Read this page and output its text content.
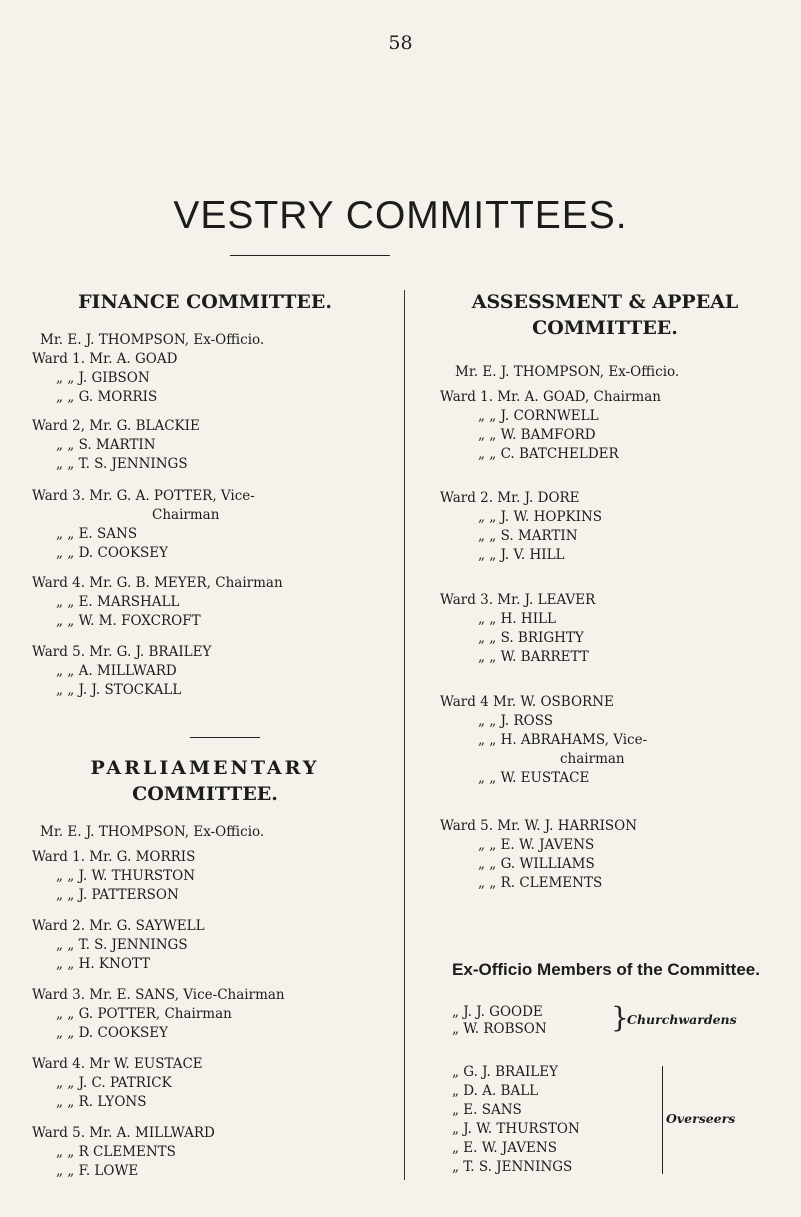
58
VESTRY COMMITTEES.
FINANCE COMMITTEE.
Mr. E. J. THOMPSON, Ex-Officio.
Ward 1. Mr. A. GOAD
„ „ J. GIBSON
„ „ G. MORRIS
Ward 2, Mr. G. BLACKIE
„ „ S. MARTIN
„ „ T. S. JENNINGS
Ward 3. Mr. G. A. POTTER, Vice-
Chairman
„ „ E. SANS
„ „ D. COOKSEY
Ward 4. Mr. G. B. MEYER, Chairman
„ „ E. MARSHALL
„ „ W. M. FOXCROFT
Ward 5. Mr. G. J. BRAILEY
„ „ A. MILLWARD
„ „ J. J. STOCKALL
PARLIAMENTARY
COMMITTEE.
Mr. E. J. THOMPSON, Ex-Officio.
Ward 1. Mr. G. MORRIS
„ „ J. W. THURSTON
„ „ J. PATTERSON
Ward 2. Mr. G. SAYWELL
„ „ T. S. JENNINGS
„ „ H. KNOTT
Ward 3. Mr. E. SANS, Vice-Chairman
„ „ G. POTTER, Chairman
„ „ D. COOKSEY
Ward 4. Mr W. EUSTACE
„ „ J. C. PATRICK
„ „ R. LYONS
Ward 5. Mr. A. MILLWARD
„ „ R CLEMENTS
„ „ F. LOWE
ASSESSMENT & APPEAL
COMMITTEE.
Mr. E. J. THOMPSON, Ex-Officio.
Ward 1. Mr. A. GOAD, Chairman
„ „ J. CORNWELL
„ „ W. BAMFORD
„ „ C. BATCHELDER
Ward 2. Mr. J. DORE
„ „ J. W. HOPKINS
„ „ S. MARTIN
„ „ J. V. HILL
Ward 3. Mr. J. LEAVER
„ „ H. HILL
„ „ S. BRIGHTY
„ „ W. BARRETT
Ward 4 Mr. W. OSBORNE
„ „ J. ROSS
„ „ H. ABRAHAMS, Vice-
chairman
„ „ W. EUSTACE
Ward 5. Mr. W. J. HARRISON
„ „ E. W. JAVENS
„ „ G. WILLIAMS
„ „ R. CLEMENTS
Ex-Officio Members of the Committee.
„ J. J. GOODE
„ W. ROBSON }
Churchwardens
„ G. J. BRAILEY
„ D. A. BALL
„ E. SANS
„ J. W. THURSTON
„ E. W. JAVENS
„ T. S. JENNINGS
Overseers
